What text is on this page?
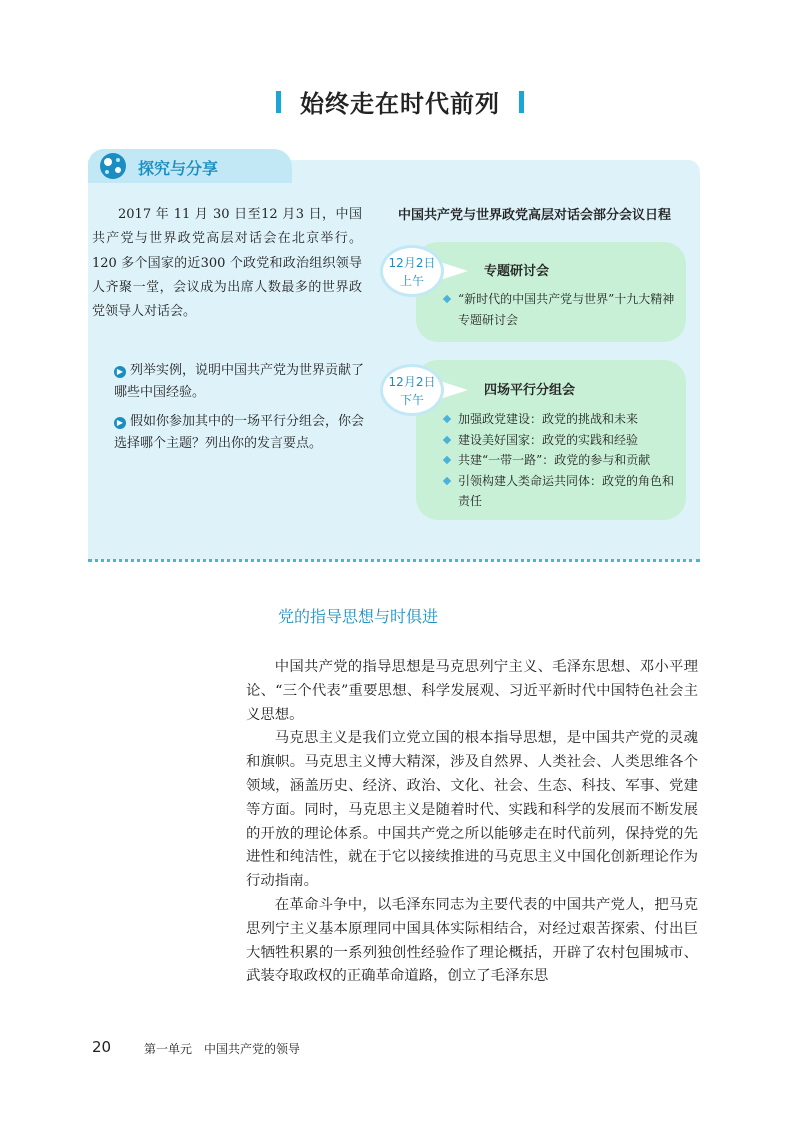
始终走在时代前列
探究与分享
2017 年 11 月 30 日至12 月3 日，中国共产党与世界政党高层对话会在北京举行。120 多个国家的近300 个政党和政治组织领导人齐聚一堂，会议成为出席人数最多的世界政党领导人对话会。
▶ 列举实例，说明中国共产党为世界贡献了哪些中国经验。
▶ 假如你参加其中的一场平行分组会，你会选择哪个主题？列出你的发言要点。
中国共产党与世界政党高层对话会部分会议日程
12月2日
上午
专题研讨会
“新时代的中国共产党与世界”十九大精神专题研讨会
12月2日
下午
四场平行分组会
加强政党建设：政党的挑战和未来
建设美好国家：政党的实践和经验
共建“一带一路”：政党的参与和贡献
引领构建人类命运共同体：政党的角色和责任
党的指导思想与时俱进

中国共产党的指导思想是马克思列宁主义、毛泽东思想、邓小平理论、“三个代表”重要思想、科学发展观、习近平新时代中国特色社会主义思想。

马克思主义是我们立党立国的根本指导思想，是中国共产党的灵魂和旗帜。马克思主义博大精深，涉及自然界、人类社会、人类思维各个领域，涵盖历史、经济、政治、文化、社会、生态、科技、军事、党建等方面。同时，马克思主义是随着时代、实践和科学的发展而不断发展的开放的理论体系。中国共产党之所以能够走在时代前列，保持党的先进性和纯洁性，就在于它以接续推进的马克思主义中国化创新理论作为行动指南。

在革命斗争中，以毛泽东同志为主要代表的中国共产党人，把马克思列宁主义基本原理同中国具体实际相结合，对经过艰苦探索、付出巨大牺牲积累的一系列独创性经验作了理论概括，开辟了农村包围城市、武装夺取政权的正确革命道路，创立了毛泽东思

20	第一单元　中国共产党的领导
